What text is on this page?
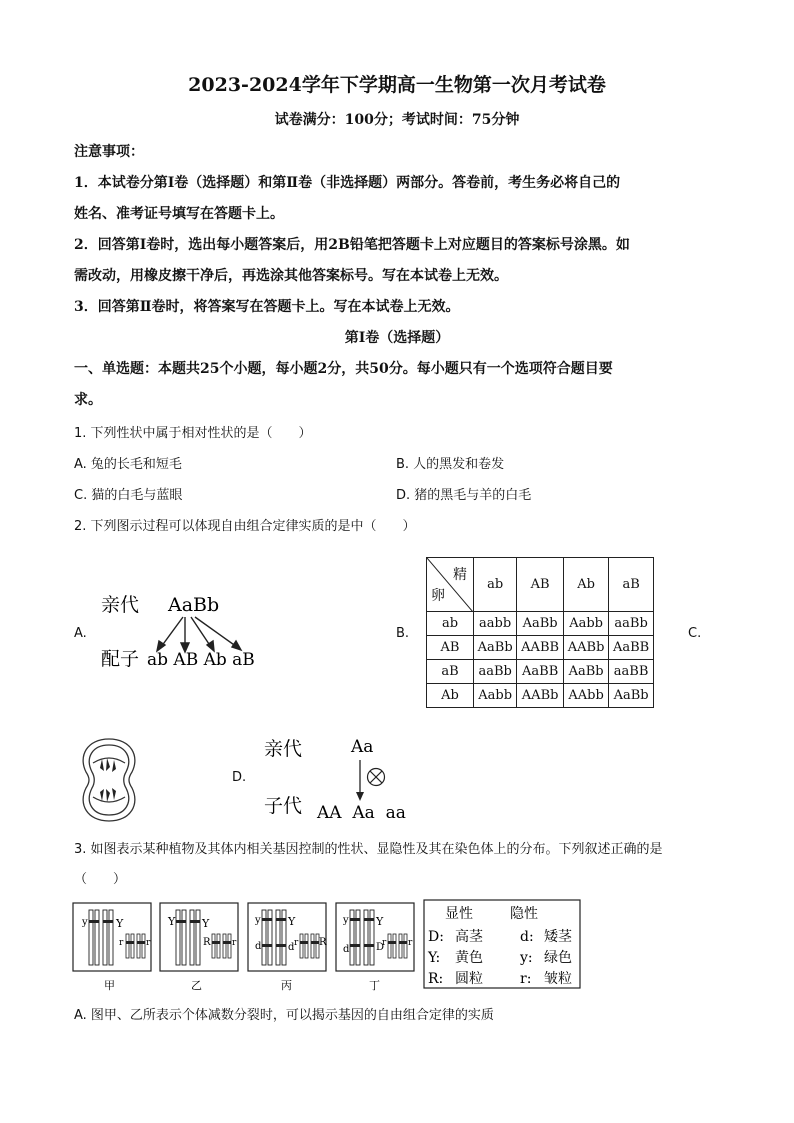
2023-2024学年下学期高一生物第一次月考试卷
试卷满分：100分；考试时间：75分钟
注意事项：
1．本试卷分第Ⅰ卷（选择题）和第Ⅱ卷（非选择题）两部分。答卷前，考生务必将自己的
姓名、准考证号填写在答题卡上。
2．回答第Ⅰ卷时，选出每小题答案后，用2B铅笔把答题卡上对应题目的答案标号涂黑。如
需改动，用橡皮擦干净后，再选涂其他答案标号。写在本试卷上无效。
3．回答第Ⅱ卷时，将答案写在答题卡上。写在本试卷上无效。
第Ⅰ卷（选择题）
一、单选题：本题共25个小题，每小题2分，共50分。每小题只有一个选项符合题目要
求。
1. 下列性状中属于相对性状的是（　　）
A. 兔的长毛和短毛	B. 人的黑发和卷发
C. 猫的白毛与蓝眼	D. 猪的黑毛与羊的白毛
2. 下列图示过程可以体现自由组合定律实质的是中（　　）
A.
亲代 AaBb
配子 ab AB Ab aB
B.
精
卵	ab	AB	Ab	aB
ab	aabb	AaBb	Aabb	aaBb
AB	AaBb	AABB	AABb	AaBB
aB	aaBb	AaBB	AaBb	aaBB
Ab	Aabb	AABb	AAbb	AaBb
C.
D.
亲代	Aa
子代 AA  Aa  aa
3. 如图表示某种植物及其体内相关基因控制的性状、显隐性及其在染色体上的分布。下列叙述正确的是
（　　）
y	Y
r	r
甲
Y Y
R r
乙
y Y
d	d r R
丙
y Y
d	D
r r
丁
显性	隐性
D: 高茎	d: 矮茎
Y: 黄色	y: 绿色
R: 圆粒	r: 皱粒
A. 图甲、乙所表示个体减数分裂时，可以揭示基因的自由组合定律的实质
